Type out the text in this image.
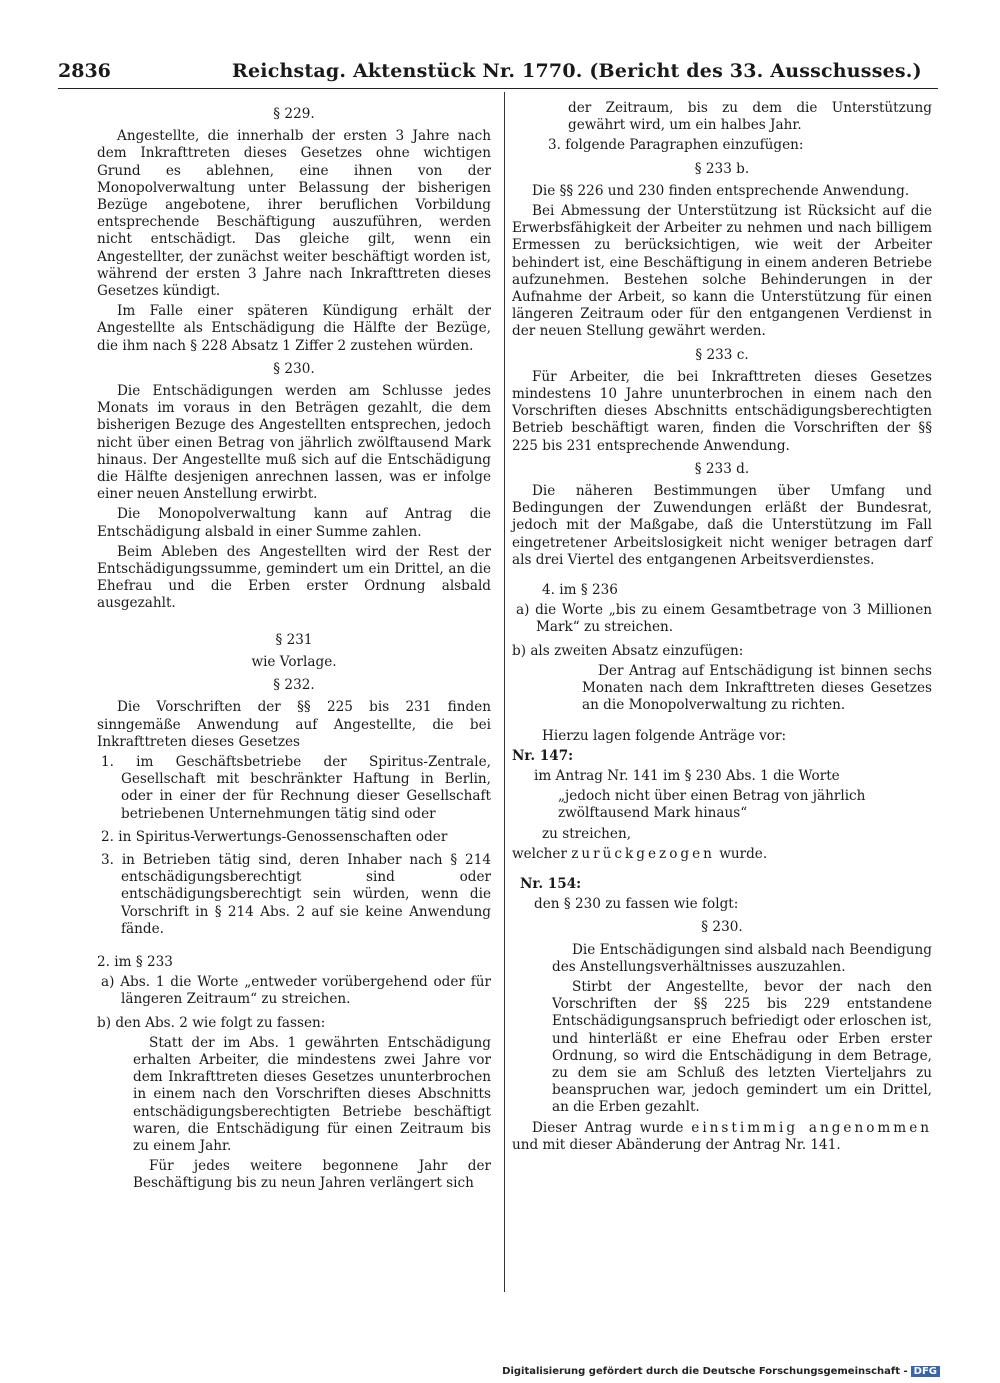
2836	Reichstag. Aktenstück Nr. 1770. (Bericht des 33. Ausschusses.)
§ 229.

Angestellte, die innerhalb der ersten 3 Jahre nach dem Inkrafttreten dieses Gesetzes ohne wichtigen Grund es ablehnen, eine ihnen von der Monopolverwaltung unter Belassung der bisherigen Bezüge angebotene, ihrer beruflichen Vorbildung entsprechende Beschäftigung auszuführen, werden nicht entschädigt. Das gleiche gilt, wenn ein Angestellter, der zunächst weiter beschäftigt worden ist, während der ersten 3 Jahre nach Inkrafttreten dieses Gesetzes kündigt.

Im Falle einer späteren Kündigung erhält der Angestellte als Entschädigung die Hälfte der Bezüge, die ihm nach § 228 Absatz 1 Ziffer 2 zustehen würden.

§ 230.

Die Entschädigungen werden am Schlusse jedes Monats im voraus in den Beträgen gezahlt, die dem bisherigen Bezuge des Angestellten entsprechen, jedoch nicht über einen Betrag von jährlich zwölftausend Mark hinaus. Der Angestellte muß sich auf die Entschädigung die Hälfte desjenigen anrechnen lassen, was er infolge einer neuen Anstellung erwirbt.

Die Monopolverwaltung kann auf Antrag die Entschädigung alsbald in einer Summe zahlen.

Beim Ableben des Angestellten wird der Rest der Entschädigungssumme, gemindert um ein Drittel, an die Ehefrau und die Erben erster Ordnung alsbald ausgezahlt.

§ 231
wie Vorlage.
§ 232.

Die Vorschriften der §§ 225 bis 231 finden sinngemäße Anwendung auf Angestellte, die bei Inkrafttreten dieses Gesetzes

1. im Geschäftsbetriebe der Spiritus-Zentrale, Gesellschaft mit beschränkter Haftung in Berlin, oder in einer der für Rechnung dieser Gesellschaft betriebenen Unternehmungen tätig sind oder

2. in Spiritus-Verwertungs-Genossenschaften oder

3. in Betrieben tätig sind, deren Inhaber nach § 214 entschädigungsberechtigt sind oder entschädigungsberechtigt sein würden, wenn die Vorschrift in § 214 Abs. 2 auf sie keine Anwendung fände.

2. im § 233

a) Abs. 1 die Worte „entweder vorübergehend oder für längeren Zeitraum“ zu streichen.

b) den Abs. 2 wie folgt zu fassen:

Statt der im Abs. 1 gewährten Entschädigung erhalten Arbeiter, die mindestens zwei Jahre vor dem Inkrafttreten dieses Gesetzes ununterbrochen in einem nach den Vorschriften dieses Abschnitts entschädigungsberechtigten Betriebe beschäftigt waren, die Entschädigung für einen Zeitraum bis zu einem Jahr.

Für jedes weitere begonnene Jahr der Beschäftigung bis zu neun Jahren verlängert sich

der Zeitraum, bis zu dem die Unterstützung gewährt wird, um ein halbes Jahr.

3. folgende Paragraphen einzufügen:

§ 233 b.

Die §§ 226 und 230 finden entsprechende Anwendung.

Bei Abmessung der Unterstützung ist Rücksicht auf die Erwerbsfähigkeit der Arbeiter zu nehmen und nach billigem Ermessen zu berücksichtigen, wie weit der Arbeiter behindert ist, eine Beschäftigung in einem anderen Betriebe aufzunehmen. Bestehen solche Behinderungen in der Aufnahme der Arbeit, so kann die Unterstützung für einen längeren Zeitraum oder für den entgangenen Verdienst in der neuen Stellung gewährt werden.

§ 233 c.

Für Arbeiter, die bei Inkrafttreten dieses Gesetzes mindestens 10 Jahre ununterbrochen in einem nach den Vorschriften dieses Abschnitts entschädigungsberechtigten Betrieb beschäftigt waren, finden die Vorschriften der §§ 225 bis 231 entsprechende Anwendung.

§ 233 d.

Die näheren Bestimmungen über Umfang und Bedingungen der Zuwendungen erläßt der Bundesrat, jedoch mit der Maßgabe, daß die Unterstützung im Fall eingetretener Arbeitslosigkeit nicht weniger betragen darf als drei Viertel des entgangenen Arbeitsverdienstes.

4. im § 236

a) die Worte „bis zu einem Gesamtbetrage von 3 Millionen Mark“ zu streichen.

b) als zweiten Absatz einzufügen:

Der Antrag auf Entschädigung ist binnen sechs Monaten nach dem Inkrafttreten dieses Gesetzes an die Monopolverwaltung zu richten.

Hierzu lagen folgende Anträge vor:

Nr. 147:

im Antrag Nr. 141 im § 230 Abs. 1 die Worte

„jedoch nicht über einen Betrag von jährlich zwölftausend Mark hinaus“

zu streichen,

welcher zurückgezogen wurde.

Nr. 154:

den § 230 zu fassen wie folgt:

§ 230.

Die Entschädigungen sind alsbald nach Beendigung des Anstellungsverhältnisses auszuzahlen.

Stirbt der Angestellte, bevor der nach den Vorschriften der §§ 225 bis 229 entstandene Entschädigungsanspruch befriedigt oder erloschen ist, und hinterläßt er eine Ehefrau oder Erben erster Ordnung, so wird die Entschädigung in dem Betrage, zu dem sie am Schluß des letzten Vierteljahrs zu beanspruchen war, jedoch gemindert um ein Drittel, an die Erben gezahlt.

Dieser Antrag wurde einstimmig angenommen und mit dieser Abänderung der Antrag Nr. 141.

Digitalisierung gefördert durch die Deutsche Forschungsgemeinschaft - DFG
